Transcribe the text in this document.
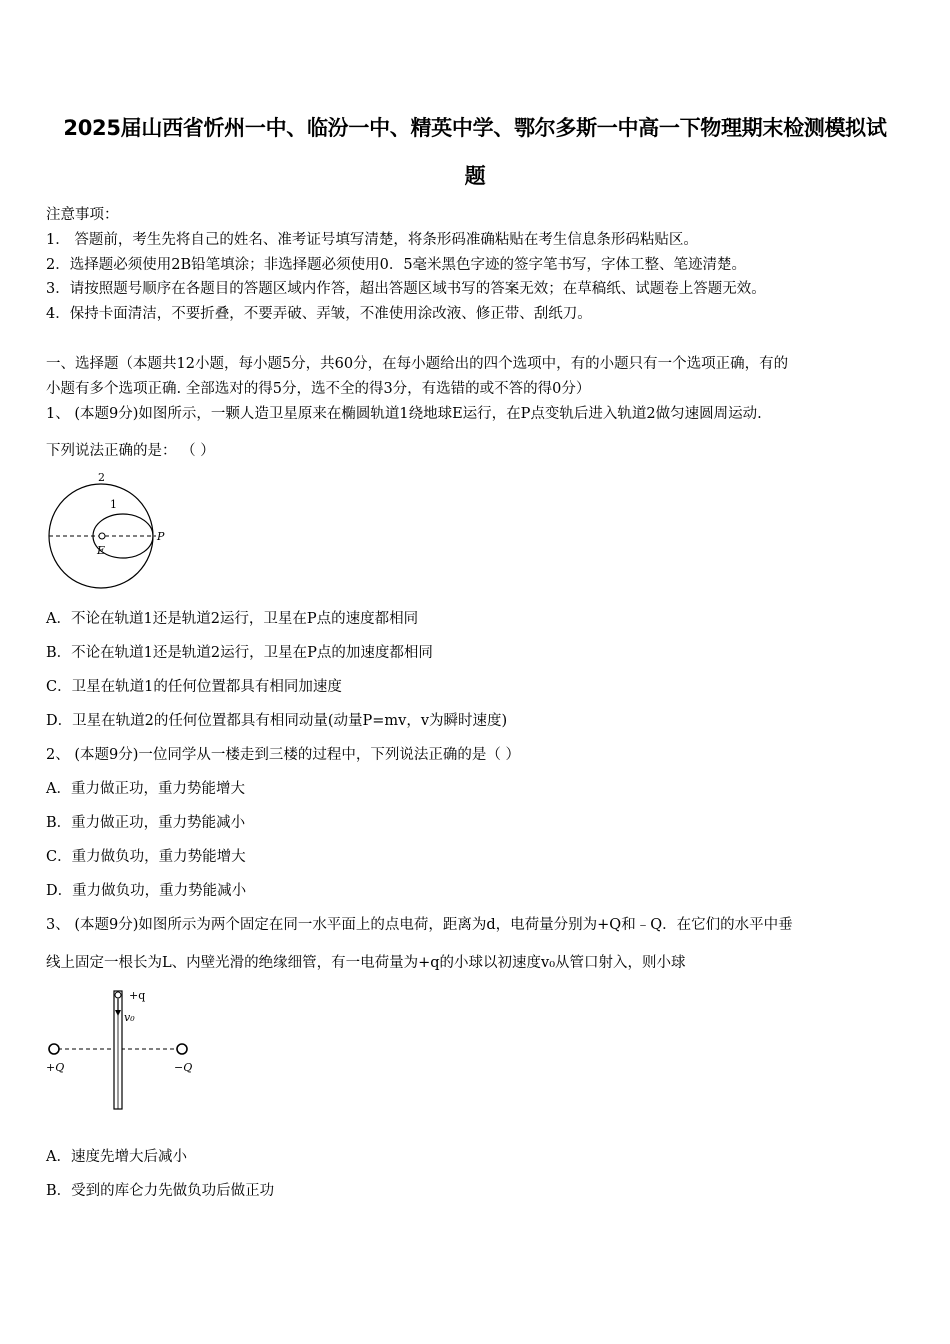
2025届山西省忻州一中、临汾一中、精英中学、鄂尔多斯一中高一下物理期末检测模拟试
题
注意事项：
1． 答题前，考生先将自己的姓名、准考证号填写清楚，将条形码准确粘贴在考生信息条形码粘贴区。
2．选择题必须使用2B铅笔填涂；非选择题必须使用0．5毫米黑色字迹的签字笔书写，字体工整、笔迹清楚。
3．请按照题号顺序在各题目的答题区域内作答，超出答题区域书写的答案无效；在草稿纸、试题卷上答题无效。
4．保持卡面清洁，不要折叠，不要弄破、弄皱，不准使用涂改液、修正带、刮纸刀。
一、选择题（本题共12小题，每小题5分，共60分，在每小题给出的四个选项中，有的小题只有一个选项正确，有的
小题有多个选项正确. 全部选对的得5分，选不全的得3分，有选错的或不答的得0分）
1、 (本题9分)如图所示，一颗人造卫星原来在椭圆轨道1绕地球E运行，在P点变轨后进入轨道2做匀速圆周运动.
下列说法正确的是： （ ）
2
1
E
P
A．不论在轨道1还是轨道2运行，卫星在P点的速度都相同
B．不论在轨道1还是轨道2运行，卫星在P点的加速度都相同
C．卫星在轨道1的任何位置都具有相同加速度
D．卫星在轨道2的任何位置都具有相同动量(动量P=mv，v为瞬时速度)
2、 (本题9分)一位同学从一楼走到三楼的过程中，下列说法正确的是（ ）
A．重力做正功，重力势能增大
B．重力做正功，重力势能减小
C．重力做负功，重力势能增大
D．重力做负功，重力势能减小
3、 (本题9分)如图所示为两个固定在同一水平面上的点电荷，距离为d，电荷量分别为+Q和﹣Q．在它们的水平中垂
线上固定一根长为L、内壁光滑的绝缘细管，有一电荷量为+q的小球以初速度v₀从管口射入，则小球
+q
v₀
+Q	−Q
A．速度先增大后减小
B．受到的库仑力先做负功后做正功
